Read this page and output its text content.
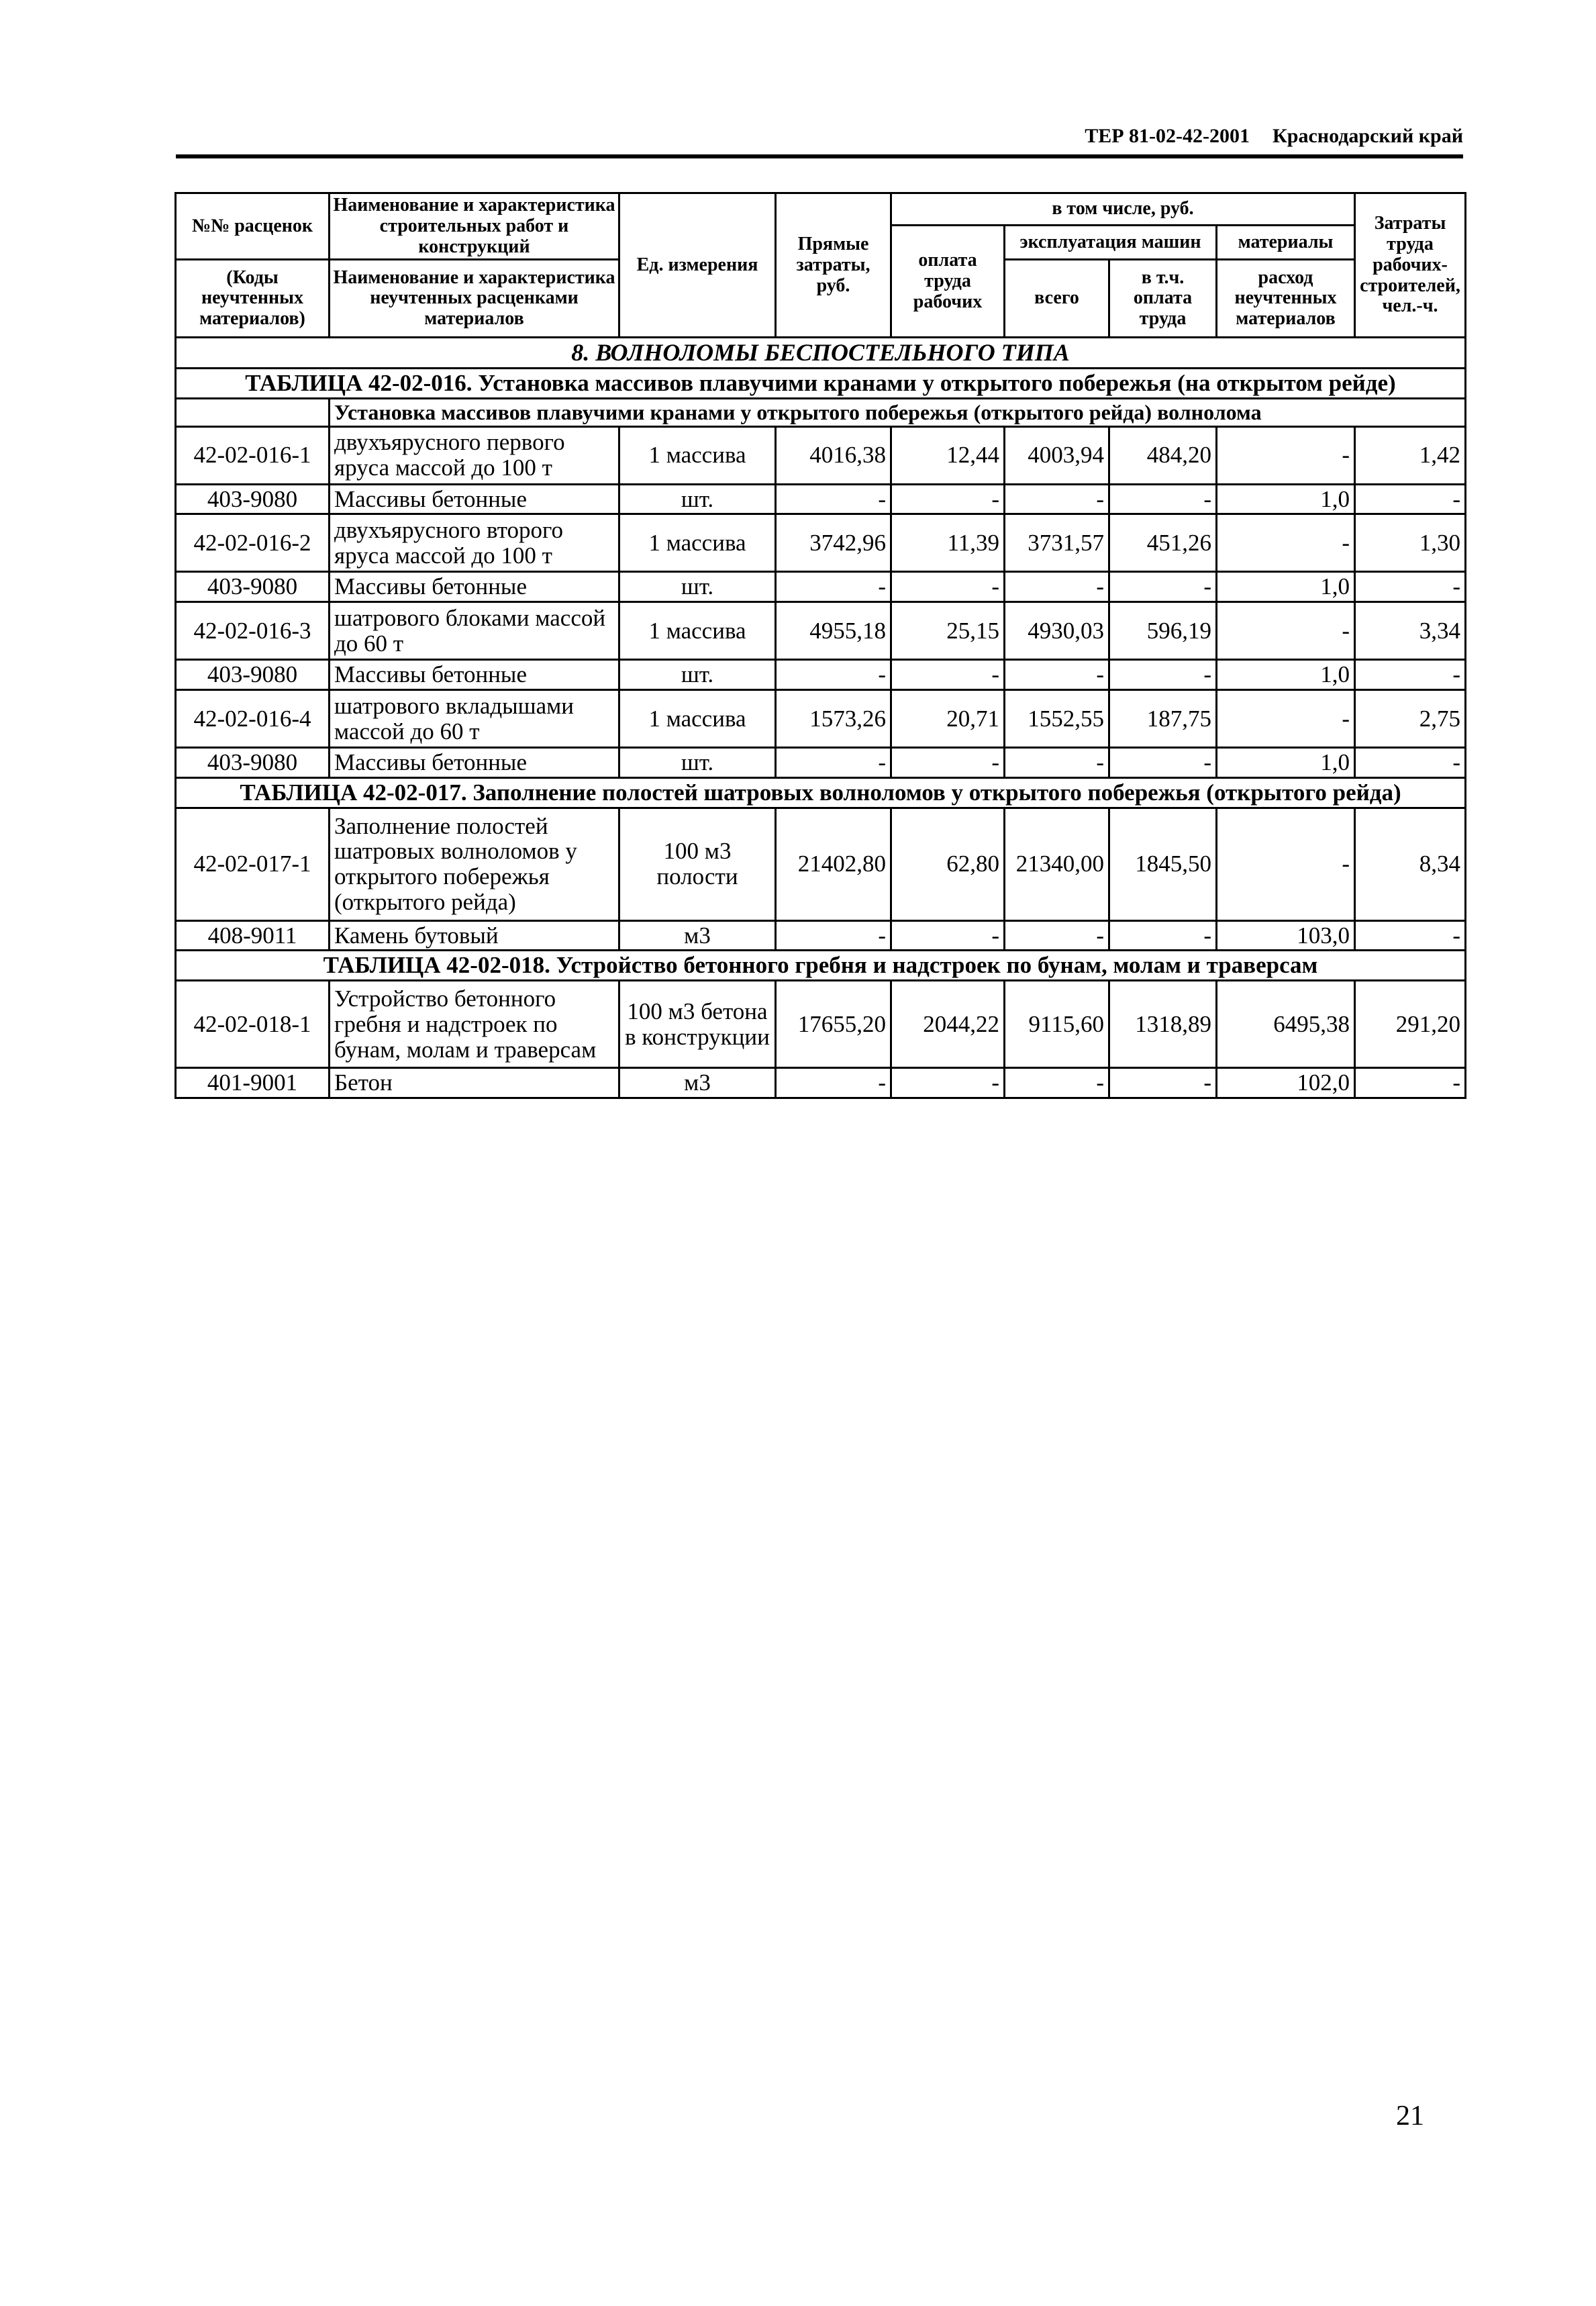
ТЕР 81-02-42-2001 Краснодарский край
№№ расценок	Наименование и характеристика строительных работ и конструкций	Ед. измерения	Прямые затраты, руб.	в том числе, руб.				Затраты труда рабочих-строителей, чел.-ч.
				оплата труда рабочих	эксплуатация машин		материалы	

(Коды неучтенных материалов)	Наименование и характеристика неучтенных расценками материалов				всего	в т.ч. оплата труда	расход неучтенных материалов	

8. ВОЛНОЛОМЫ БЕСПОСТЕЛЬНОГО ТИПА								
ТАБЛИЦА 42-02-016. Установка массивов плавучими кранами у открытого побережья (на открытом рейде)								
	Установка массивов плавучими кранами у открытого побережья (открытого рейда) волнолома							
42-02-016-1	двухъярусного первого яруса массой до 100 т	1 массива	4016,38	12,44	4003,94	484,20	-	1,42
403-9080	Массивы бетонные	шт.	-	-	-	-	1,0	-
42-02-016-2	двухъярусного второго яруса массой до 100 т	1 массива	3742,96	11,39	3731,57	451,26	-	1,30
403-9080	Массивы бетонные	шт.	-	-	-	-	1,0	-
42-02-016-3	шатрового блоками массой до 60 т	1 массива	4955,18	25,15	4930,03	596,19	-	3,34
403-9080	Массивы бетонные	шт.	-	-	-	-	1,0	-
42-02-016-4	шатрового вкладышами массой до 60 т	1 массива	1573,26	20,71	1552,55	187,75	-	2,75
403-9080	Массивы бетонные	шт.	-	-	-	-	1,0	-
ТАБЛИЦА 42-02-017. Заполнение полостей шатровых волноломов у открытого побережья (открытого рейда)								
42-02-017-1	Заполнение полостей шатровых волноломов у открытого побережья (открытого рейда)	100 м3 полости	21402,80	62,80	21340,00	1845,50	-	8,34
408-9011	Камень бутовый	м3	-	-	-	-	103,0	-
ТАБЛИЦА 42-02-018. Устройство бетонного гребня и надстроек по бунам, молам и траверсам								
42-02-018-1	Устройство бетонного гребня и надстроек по бунам, молам и траверсам	100 м3 бетона в конструкции	17655,20	2044,22	9115,60	1318,89	6495,38	291,20
401-9001	Бетон	м3	-	-	-	-	102,0	-
21
